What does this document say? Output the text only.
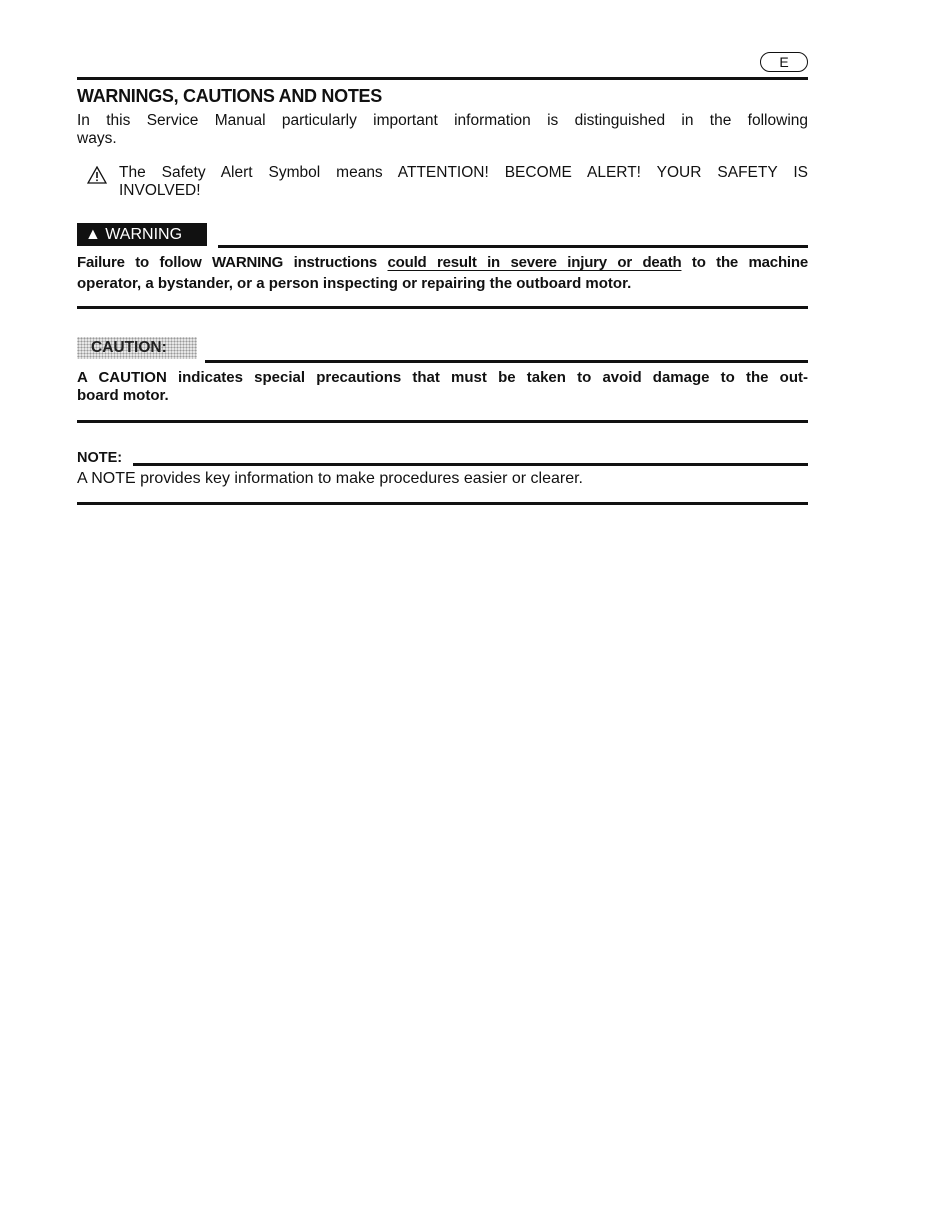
E
WARNINGS, CAUTIONS AND NOTES
In this Service Manual particularly important information is distinguished in the following
ways.
The Safety Alert Symbol means ATTENTION! BECOME ALERT! YOUR SAFETY IS
INVOLVED!
▲ WARNING
Failure to follow WARNING instructions could result in severe injury or death to the machine
operator, a bystander, or a person inspecting or repairing the outboard motor.
CAUTION:
A CAUTION indicates special precautions that must be taken to avoid damage to the out-
board motor.
NOTE:
A NOTE provides key information to make procedures easier or clearer.
